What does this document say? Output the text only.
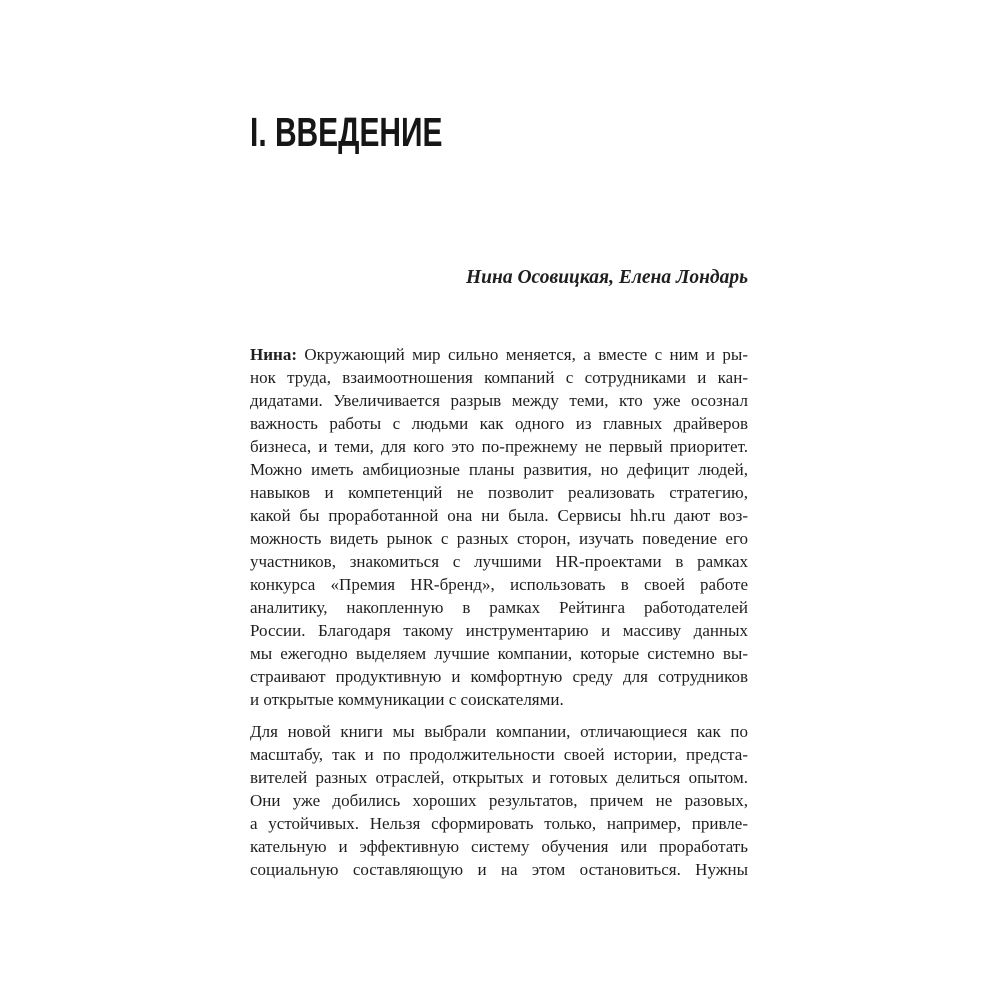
I. ВВЕДЕНИЕ
Нина Осовицкая, Елена Лондарь
Нина: Окружающий мир сильно меняется, а вместе с ним и ры-
нок труда, взаимоотношения компаний с сотрудниками и кан-
дидатами. Увеличивается разрыв между теми, кто уже осознал
важность работы с людьми как одного из главных драйверов
бизнеса, и теми, для кого это по-прежнему не первый приоритет.
Можно иметь амбициозные планы развития, но дефицит людей,
навыков и компетенций не позволит реализовать стратегию,
какой бы проработанной она ни была. Сервисы hh.ru дают воз-
можность видеть рынок с разных сторон, изучать поведение его
участников, знакомиться с лучшими HR-проектами в рамках
конкурса «Премия HR-бренд», использовать в своей работе
аналитику, накопленную в рамках Рейтинга работодателей
России. Благодаря такому инструментарию и массиву данных
мы ежегодно выделяем лучшие компании, которые системно вы-
страивают продуктивную и комфортную среду для сотрудников
и открытые коммуникации с соискателями.
Для новой книги мы выбрали компании, отличающиеся как по
масштабу, так и по продолжительности своей истории, предста-
вителей разных отраслей, открытых и готовых делиться опытом.
Они уже добились хороших результатов, причем не разовых,
а устойчивых. Нельзя сформировать только, например, привле-
кательную и эффективную систему обучения или проработать
социальную составляющую и на этом остановиться. Нужны
